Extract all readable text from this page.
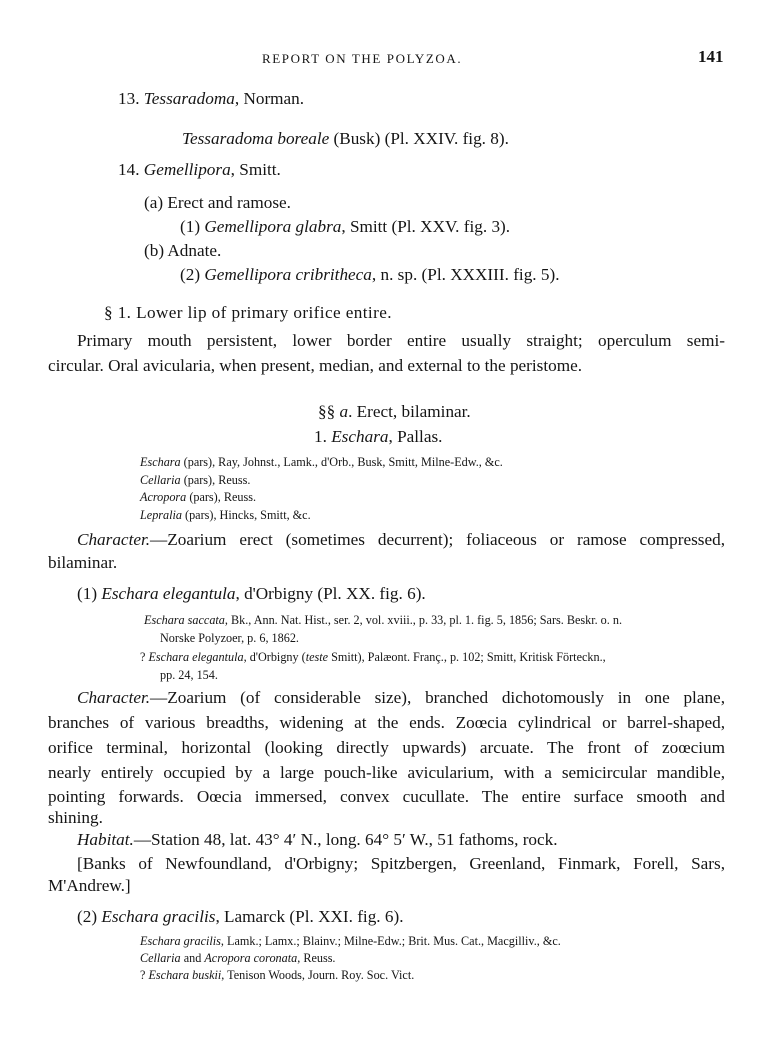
REPORT ON THE POLYZOA.	141
13. Tessaradoma, Norman.
Tessaradoma boreale (Busk) (Pl. XXIV. fig. 8).
14. Gemellipora, Smitt.
(a) Erect and ramose.
(1) Gemellipora glabra, Smitt (Pl. XXV. fig. 3).
(b) Adnate.
(2) Gemellipora cribritheca, n. sp. (Pl. XXXIII. fig. 5).
§ 1. Lower lip of primary orifice entire.
Primary mouth persistent, lower border entire usually straight; operculum semi-
circular. Oral avicularia, when present, median, and external to the peristome.
§§ a. Erect, bilaminar.
1. Eschara, Pallas.
Eschara (pars), Ray, Johnst., Lamk., d'Orb., Busk, Smitt, Milne-Edw., &c.
Cellaria (pars), Reuss.
Acropora (pars), Reuss.
Lepralia (pars), Hincks, Smitt, &c.
Character.—Zoarium erect (sometimes decurrent); foliaceous or ramose compressed,
bilaminar.
(1) Eschara elegantula, d'Orbigny (Pl. XX. fig. 6).
Eschara saccata, Bk., Ann. Nat. Hist., ser. 2, vol. xviii., p. 33, pl. 1. fig. 5, 1856; Sars. Beskr. o. n.
Norske Polyzoer, p. 6, 1862.
? Eschara elegantula, d'Orbigny (teste Smitt), Palæont. Franç., p. 102; Smitt, Kritisk Förteckn.,
pp. 24, 154.
Character.—Zoarium (of considerable size), branched dichotomously in one plane,
branches of various breadths, widening at the ends. Zoœcia cylindrical or barrel-shaped,
orifice terminal, horizontal (looking directly upwards) arcuate. The front of zoœcium
nearly entirely occupied by a large pouch-like avicularium, with a semicircular mandible,
pointing forwards. Oœcia immersed, convex cucullate. The entire surface smooth and
shining.
Habitat.—Station 48, lat. 43° 4′ N., long. 64° 5′ W., 51 fathoms, rock.
[Banks of Newfoundland, d'Orbigny; Spitzbergen, Greenland, Finmark, Forell, Sars,
M'Andrew.]
(2) Eschara gracilis, Lamarck (Pl. XXI. fig. 6).
Eschara gracilis, Lamk.; Lamx.; Blainv.; Milne-Edw.; Brit. Mus. Cat., Macgilliv., &c.
Cellaria and Acropora coronata, Reuss.
? Eschara buskii, Tenison Woods, Journ. Roy. Soc. Vict.
